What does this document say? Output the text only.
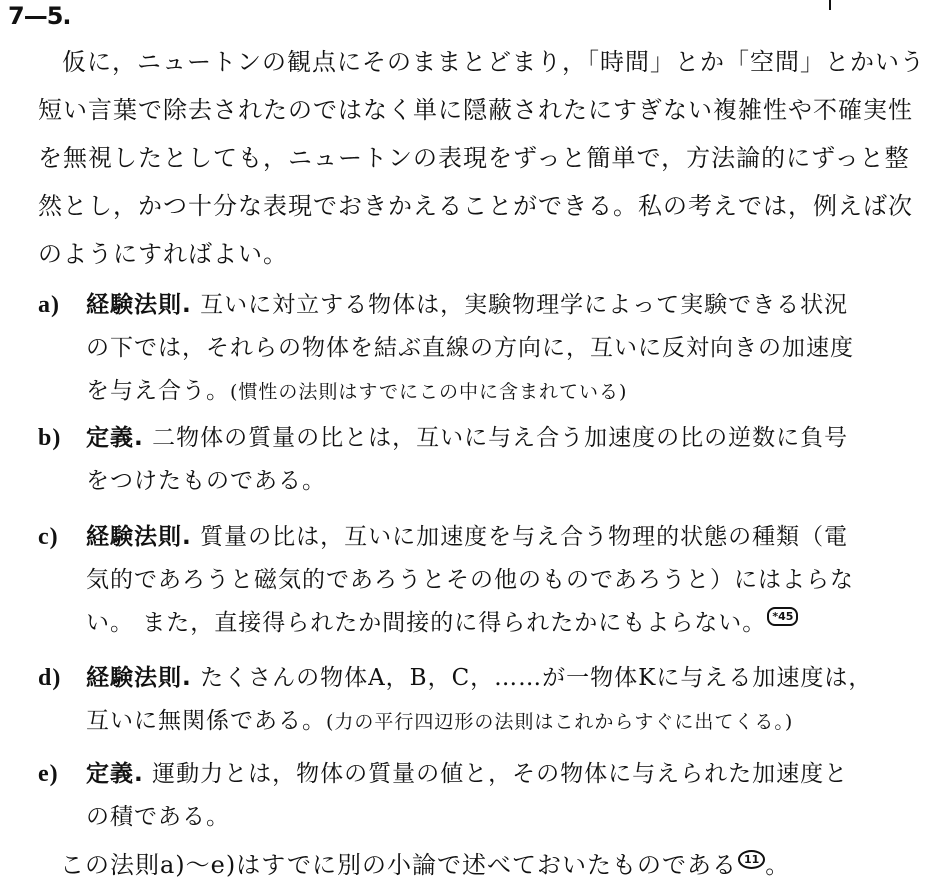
7—5.
仮に，ニュートンの観点にそのままとどまり，「時間」とか「空間」とかいう
短い言葉で除去されたのではなく単に隠蔽されたにすぎない複雑性や不確実性
を無視したとしても，ニュートンの表現をずっと簡単で，方法論的にずっと整
然とし，かつ十分な表現でおきかえることができる。私の考えでは，例えば次
のようにすればよい。
a) 経験法則. 互いに対立する物体は，実験物理学によって実験できる状況
の下では，それらの物体を結ぶ直線の方向に，互いに反対向きの加速度
を与え合う。(慣性の法則はすでにこの中に含まれている)
b) 定義. 二物体の質量の比とは，互いに与え合う加速度の比の逆数に負号
をつけたものである。
c) 経験法則. 質量の比は，互いに加速度を与え合う物理的状態の種類（電
気的であろうと磁気的であろうとその他のものであろうと）にはよらな
い。 また，直接得られたか間接的に得られたかにもよらない。 *45
d) 経験法則. たくさんの物体A，B，C，……が一物体Kに与える加速度は，
互いに無関係である。(力の平行四辺形の法則はこれからすぐに出てくる。)
e) 定義. 運動力とは，物体の質量の値と，その物体に与えられた加速度と
の積である。
この法則a)〜e)はすでに別の小論で述べておいたものである 11 。
